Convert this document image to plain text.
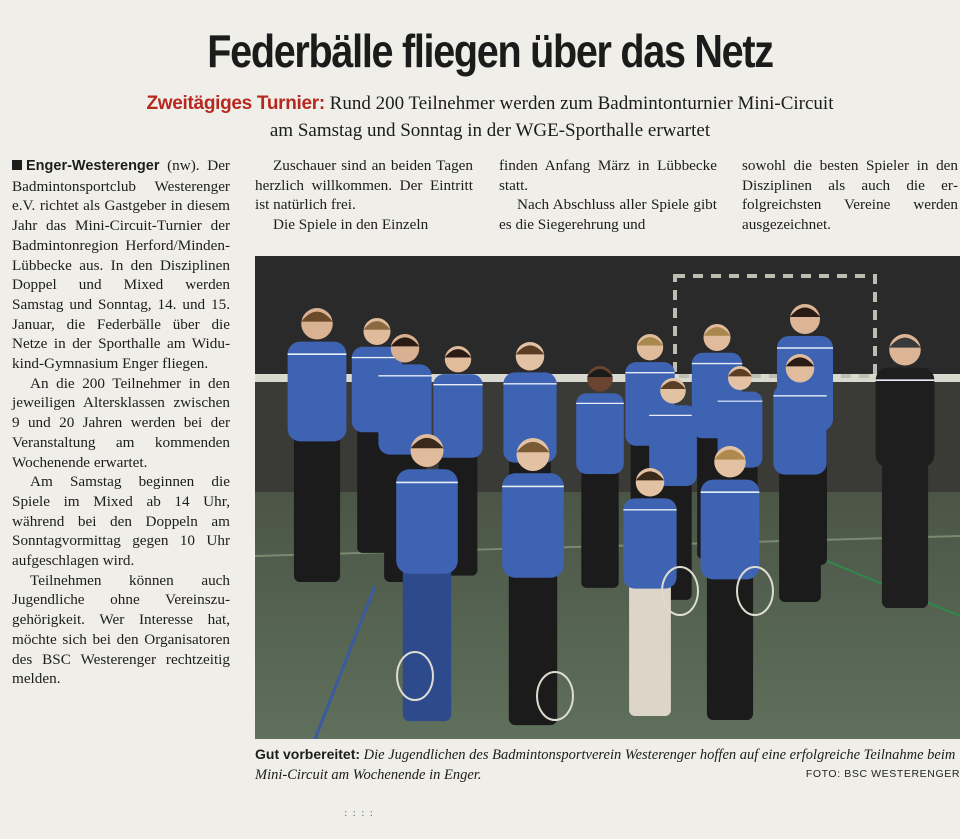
Federbälle fliegen über das Netz
Zweitägiges Turnier: Rund 200 Teilnehmer werden zum Badmintonturnier Mini-Circuit
am Samstag und Sonntag in der WGE-Sporthalle erwartet

Enger-Westerenger (nw). Der Badmintonsportclub Westerenger e.V. richtet als Gastgeber in diesem Jahr das Mini-Circuit-Turnier der Badmintonregion Herford/Minden-Lübbecke aus. In den Disziplinen Doppel und Mixed werden Samstag und Sonntag, 14. und 15. Januar, die Federbälle über die Netze in der Sporthalle am Widukind-Gymnasium Enger fliegen.

An die 200 Teilnehmer in den jeweiligen Altersklassen zwischen 9 und 20 Jahren werden bei der Veranstaltung am kommenden Wochenende erwartet.

Am Samstag beginnen die Spiele im Mixed ab 14 Uhr, während bei den Doppeln am Sonntagvormittag gegen 10 Uhr aufgeschlagen wird.

Teilnehmen können auch Jugendliche ohne Vereinszugehörigkeit. Wer Interesse hat, möchte sich bei den Organisatoren des BSC Westerenger rechtzeitig melden.

Zuschauer sind an beiden Tagen herzlich willkommen. Der Eintritt ist natürlich frei.

Die Spiele in den Einzeln

finden Anfang März in Lübbecke statt.

Nach Abschluss aller Spiele gibt es die Siegerehrung und

sowohl die besten Spieler in den Disziplinen als auch die erfolgreichsten Vereine werden ausgezeichnet.

Gut vorbereitet: Die Jugendlichen des Badmintonsportverein Westerenger hoffen auf eine erfolgreiche Teilnahme beim Mini-Circuit am Wochenende in Enger.	FOTO: BSC WESTERENGER
: : : :
